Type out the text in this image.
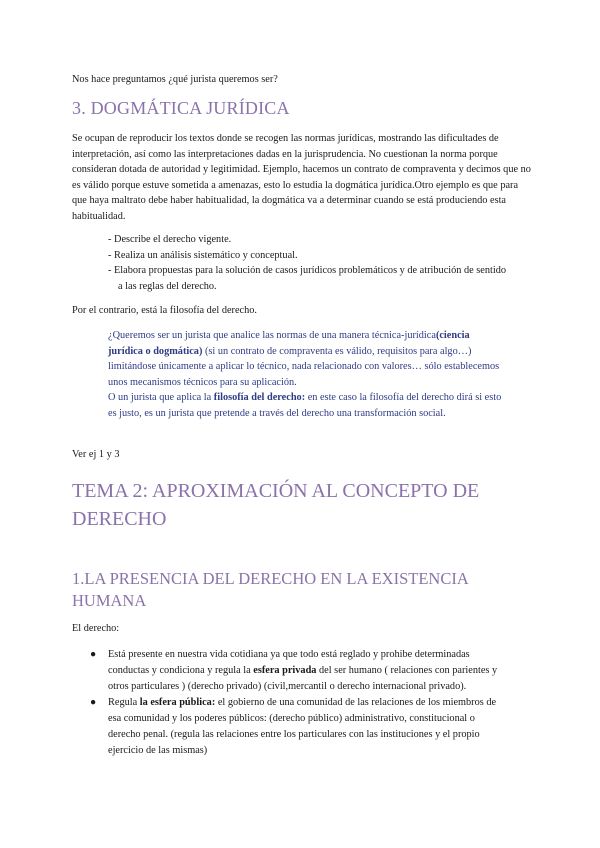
Nos hace preguntamos ¿qué jurista queremos ser?

3. DOGMÁTICA JURÍDICA

Se ocupan de reproducir los textos donde se recogen las normas jurídicas, mostrando las dificultades de interpretación, así como las interpretaciones dadas en la jurisprudencia. No cuestionan la norma porque consideran dotada de autoridad y legitimidad. Ejemplo, hacemos un contrato de compraventa y decimos que no es válido porque estuve sometida a amenazas, esto lo estudia la dogmática jurídica.Otro ejemplo es que para que haya maltrato debe haber habitualidad, la dogmática va a determinar cuando se está produciendo esta habitualidad.

- Describe el derecho vigente.
- Realiza un análisis sistemático y conceptual.
- Elabora propuestas para la solución de casos jurídicos problemáticos y de atribución de sentido a las reglas del derecho.

Por el contrario, está la filosofía del derecho.

¿Queremos ser un jurista que analice las normas de una manera técnica-jurídica(ciencia jurídica o dogmática) (si un contrato de compraventa es válido, requisitos para algo…) limitándose únicamente a aplicar lo técnico, nada relacionado con valores… sólo establecemos unos mecanismos técnicos para su aplicación.

O un jurista que aplica la filosofía del derecho: en este caso la filosofía del derecho dirá si esto es justo, es un jurista que pretende a través del derecho una transformación social.

Ver ej 1 y 3

TEMA 2: APROXIMACIÓN AL CONCEPTO DE DERECHO
1.LA PRESENCIA DEL DERECHO EN LA EXISTENCIA HUMANA

El derecho:

● Está presente en nuestra vida cotidiana ya que todo está reglado y prohibe determinadas conductas y condiciona y regula la esfera privada del ser humano ( relaciones con parientes y otros particulares ) (derecho privado) (civil,mercantil o derecho internacional privado).
● Regula la esfera pública: el gobierno de una comunidad de las relaciones de los miembros de esa comunidad y los poderes públicos: (derecho público) administrativo, constitucional o derecho penal. (regula las relaciones entre los particulares con las instituciones y el propio ejercicio de las mismas)
